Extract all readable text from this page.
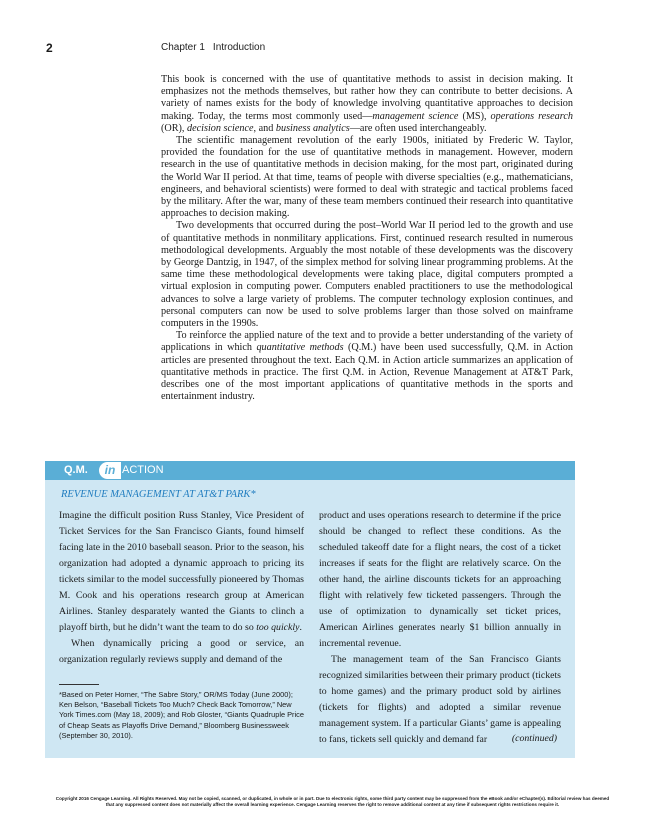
2	Chapter 1 Introduction

This book is concerned with the use of quantitative methods to assist in decision making. It emphasizes not the methods themselves, but rather how they can contribute to better decisions. A variety of names exists for the body of knowledge involving quantitative approaches to decision making. Today, the terms most commonly used—management science (MS), operations research (OR), decision science, and business analytics—are often used interchangeably.

The scientific management revolution of the early 1900s, initiated by Frederic W. Taylor, provided the foundation for the use of quantitative methods in management. However, modern research in the use of quantitative methods in decision making, for the most part, originated during the World War II period. At that time, teams of people with diverse specialties (e.g., mathematicians, engineers, and behavioral scientists) were formed to deal with strategic and tactical problems faced by the military. After the war, many of these team members continued their research into quantitative approaches to decision making.

Two developments that occurred during the post–World War II period led to the growth and use of quantitative methods in nonmilitary applications. First, continued research resulted in numerous methodological developments. Arguably the most notable of these developments was the discovery by George Dantzig, in 1947, of the simplex method for solving linear programming problems. At the same time these methodological developments were taking place, digital computers prompted a virtual explosion in computing power. Computers enabled practitioners to use the methodological advances to solve a large variety of problems. The computer technology explosion continues, and personal computers can now be used to solve problems larger than those solved on mainframe computers in the 1990s.

To reinforce the applied nature of the text and to provide a better understanding of the variety of applications in which quantitative methods (Q.M.) have been used successfully, Q.M. in Action articles are presented throughout the text. Each Q.M. in Action article summarizes an application of quantitative methods in practice. The first Q.M. in Action, Revenue Management at AT&T Park, describes one of the most important applications of quantitative methods in the sports and entertainment industry.

Q.M.	in ACTION
REVENUE MANAGEMENT AT AT&T PARK*

Imagine the difficult position Russ Stanley, Vice President of Ticket Services for the San Francisco Giants, found himself facing late in the 2010 baseball season. Prior to the season, his organization had adopted a dynamic approach to pricing its tickets similar to the model successfully pioneered by Thomas M. Cook and his operations research group at American Airlines. Stanley desparately wanted the Giants to clinch a playoff birth, but he didn’t want the team to do so too quickly.

When dynamically pricing a good or service, an organization regularly reviews supply and demand of the

*Based on Peter Horner, “The Sabre Story,” OR/MS Today (June 2000); Ken Belson, “Baseball Tickets Too Much? Check Back Tomorrow,” New York Times.com (May 18, 2009); and Rob Gloster, “Giants Quadruple Price of Cheap Seats as Playoffs Drive Demand,” Bloomberg Businessweek (September 30, 2010).

product and uses operations research to determine if the price should be changed to reflect these conditions. As the scheduled takeoff date for a flight nears, the cost of a ticket increases if seats for the flight are relatively scarce. On the other hand, the airline discounts tickets for an approaching flight with relatively few ticketed passengers. Through the use of optimization to dynamically set ticket prices, American Airlines generates nearly $1 billion annually in incremental revenue.

The management team of the San Francisco Giants recognized similarities between their primary product (tickets to home games) and the primary product sold by airlines (tickets for flights) and adopted a similar revenue management system. If a particular Giants’ game is appealing to fans, tickets sell quickly and demand far	(continued)
Copyright 2016 Cengage Learning. All Rights Reserved. May not be copied, scanned, or duplicated, in whole or in part. Due to electronic rights, some third party content may be suppressed from the eBook and/or eChapter(s). Editorial review has deemed that any suppressed content does not materially affect the overall learning experience. Cengage Learning reserves the right to remove additional content at any time if subsequent rights restrictions require it.
